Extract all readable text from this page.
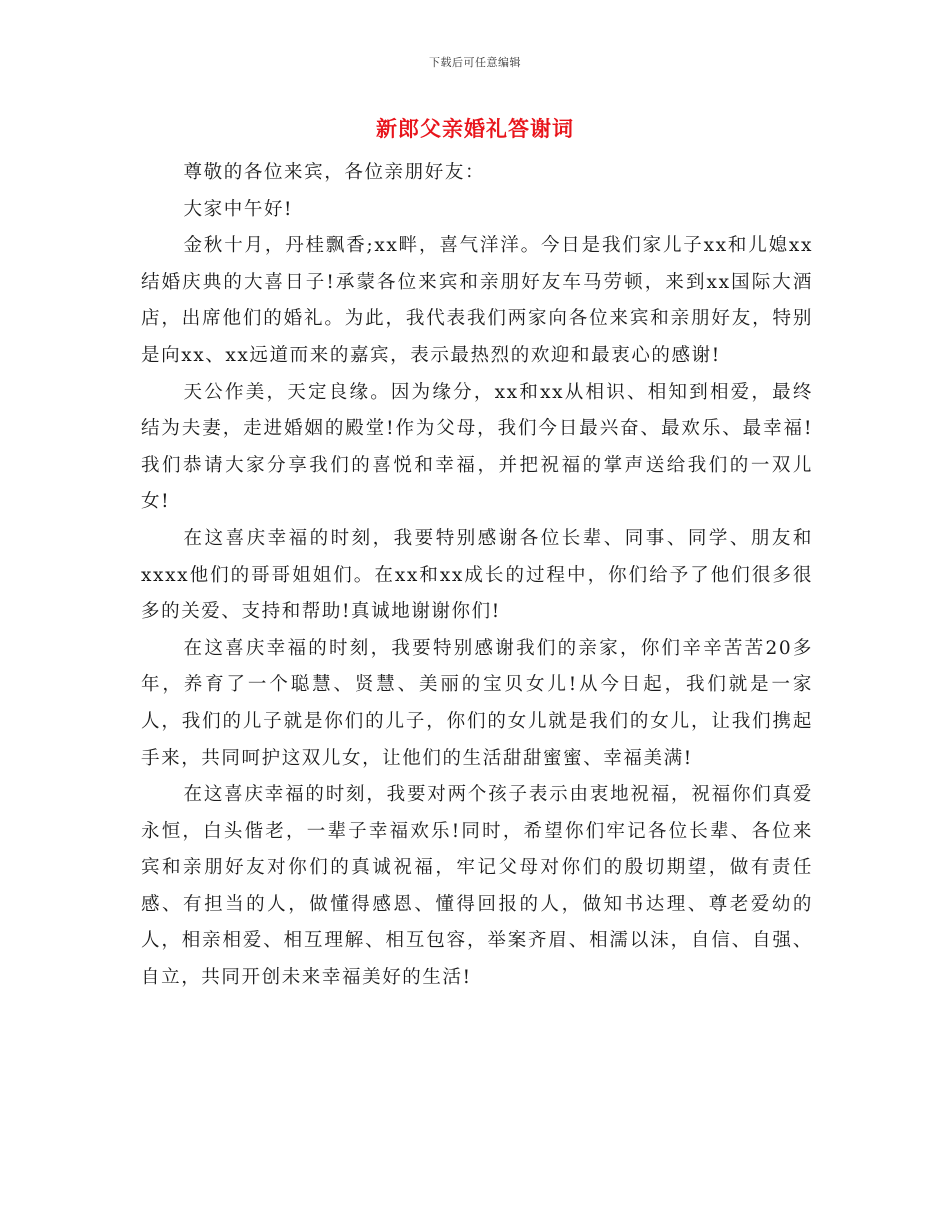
下载后可任意编辑
新郎父亲婚礼答谢词

尊敬的各位来宾，各位亲朋好友：

大家中午好!

金秋十月，丹桂飘香;xx畔，喜气洋洋。今日是我们家儿子xx和儿媳xx结婚庆典的大喜日子!承蒙各位来宾和亲朋好友车马劳顿，来到xx国际大酒店，出席他们的婚礼。为此，我代表我们两家向各位来宾和亲朋好友，特别是向xx、xx远道而来的嘉宾，表示最热烈的欢迎和最衷心的感谢!

天公作美，天定良缘。因为缘分，xx和xx从相识、相知到相爱，最终结为夫妻，走进婚姻的殿堂!作为父母，我们今日最兴奋、最欢乐、最幸福!我们恭请大家分享我们的喜悦和幸福，并把祝福的掌声送给我们的一双儿女!

在这喜庆幸福的时刻，我要特别感谢各位长辈、同事、同学、朋友和xxxx他们的哥哥姐姐们。在xx和xx成长的过程中，你们给予了他们很多很多的关爱、支持和帮助!真诚地谢谢你们!

在这喜庆幸福的时刻，我要特别感谢我们的亲家，你们辛辛苦苦20多年，养育了一个聪慧、贤慧、美丽的宝贝女儿!从今日起，我们就是一家人，我们的儿子就是你们的儿子，你们的女儿就是我们的女儿，让我们携起手来，共同呵护这双儿女，让他们的生活甜甜蜜蜜、幸福美满!

在这喜庆幸福的时刻，我要对两个孩子表示由衷地祝福，祝福你们真爱永恒，白头偕老，一辈子幸福欢乐!同时，希望你们牢记各位长辈、各位来宾和亲朋好友对你们的真诚祝福，牢记父母对你们的殷切期望，做有责任感、有担当的人，做懂得感恩、懂得回报的人，做知书达理、尊老爱幼的人，相亲相爱、相互理解、相互包容，举案齐眉、相濡以沫，自信、自强、自立，共同开创未来幸福美好的生活!
